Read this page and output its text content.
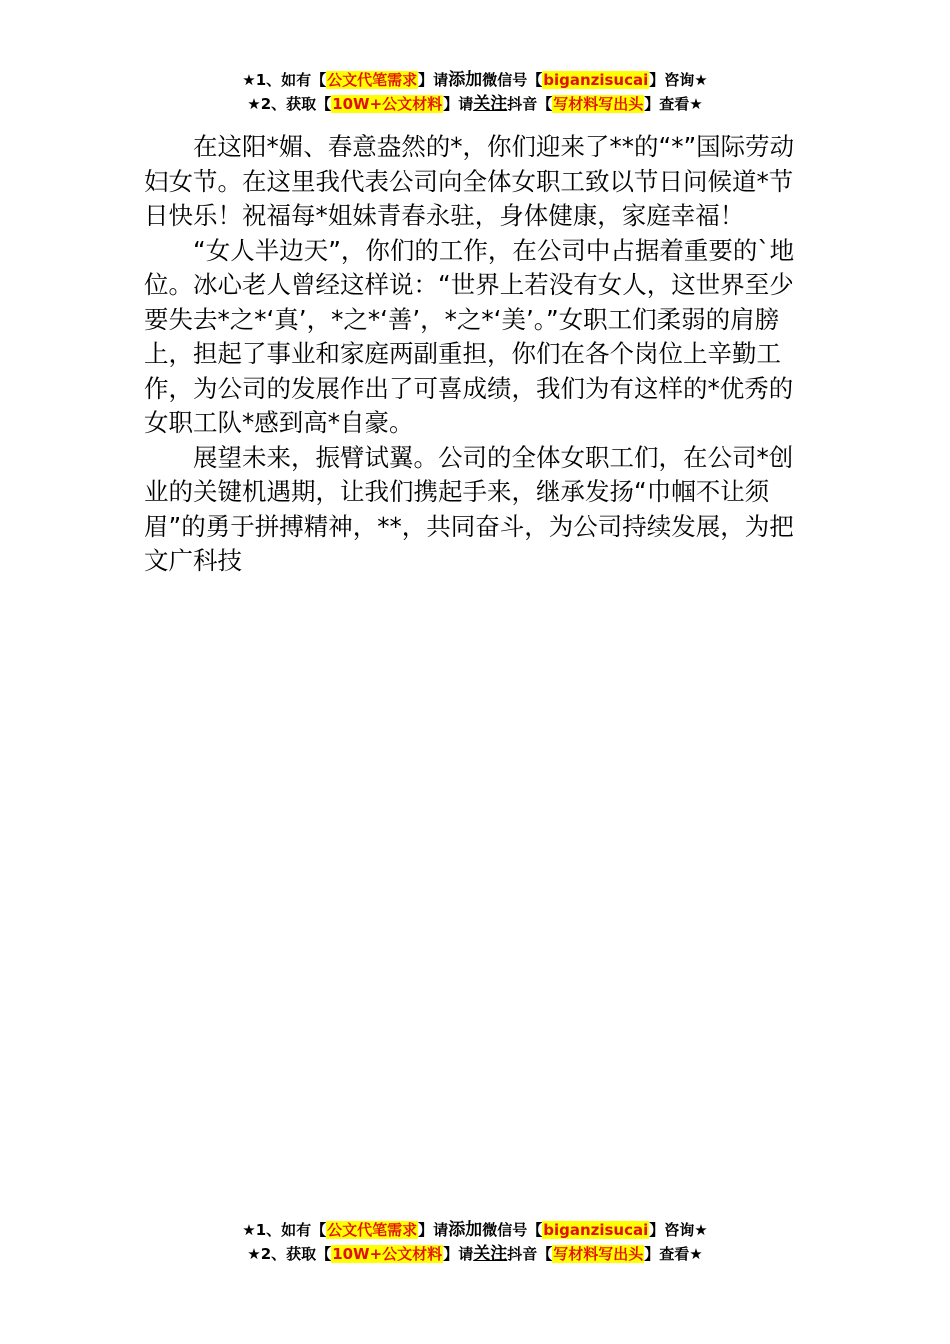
★1、如有【公文代笔需求】请添加微信号【biganzisucai】咨询★
★2、获取【10W+公文材料】请关注抖音【写材料写出头】查看★

在这阳*媚、春意盎然的*，你们迎来了**的“*”国际劳动妇女节。在这里我代表公司向全体女职工致以节日问候道*节日快乐！祝福每*姐妹青春永驻，身体健康，家庭幸福！

“女人半边天”，你们的工作，在公司中占据着重要的`地位。冰心老人曾经这样说：“世界上若没有女人，这世界至少要失去*之*‘真’，*之*‘善’，*之*‘美’。”女职工们柔弱的肩膀上，担起了事业和家庭两副重担，你们在各个岗位上辛勤工作，为公司的发展作出了可喜成绩，我们为有这样的*优秀的女职工队*感到高*自豪。

展望未来，振臂试翼。公司的全体女职工们，在公司*创业的关键机遇期，让我们携起手来，继承发扬“巾帼不让须眉”的勇于拼搏精神，**，共同奋斗，为公司持续发展，为把文广科技

★1、如有【公文代笔需求】请添加微信号【biganzisucai】咨询★
★2、获取【10W+公文材料】请关注抖音【写材料写出头】查看★
